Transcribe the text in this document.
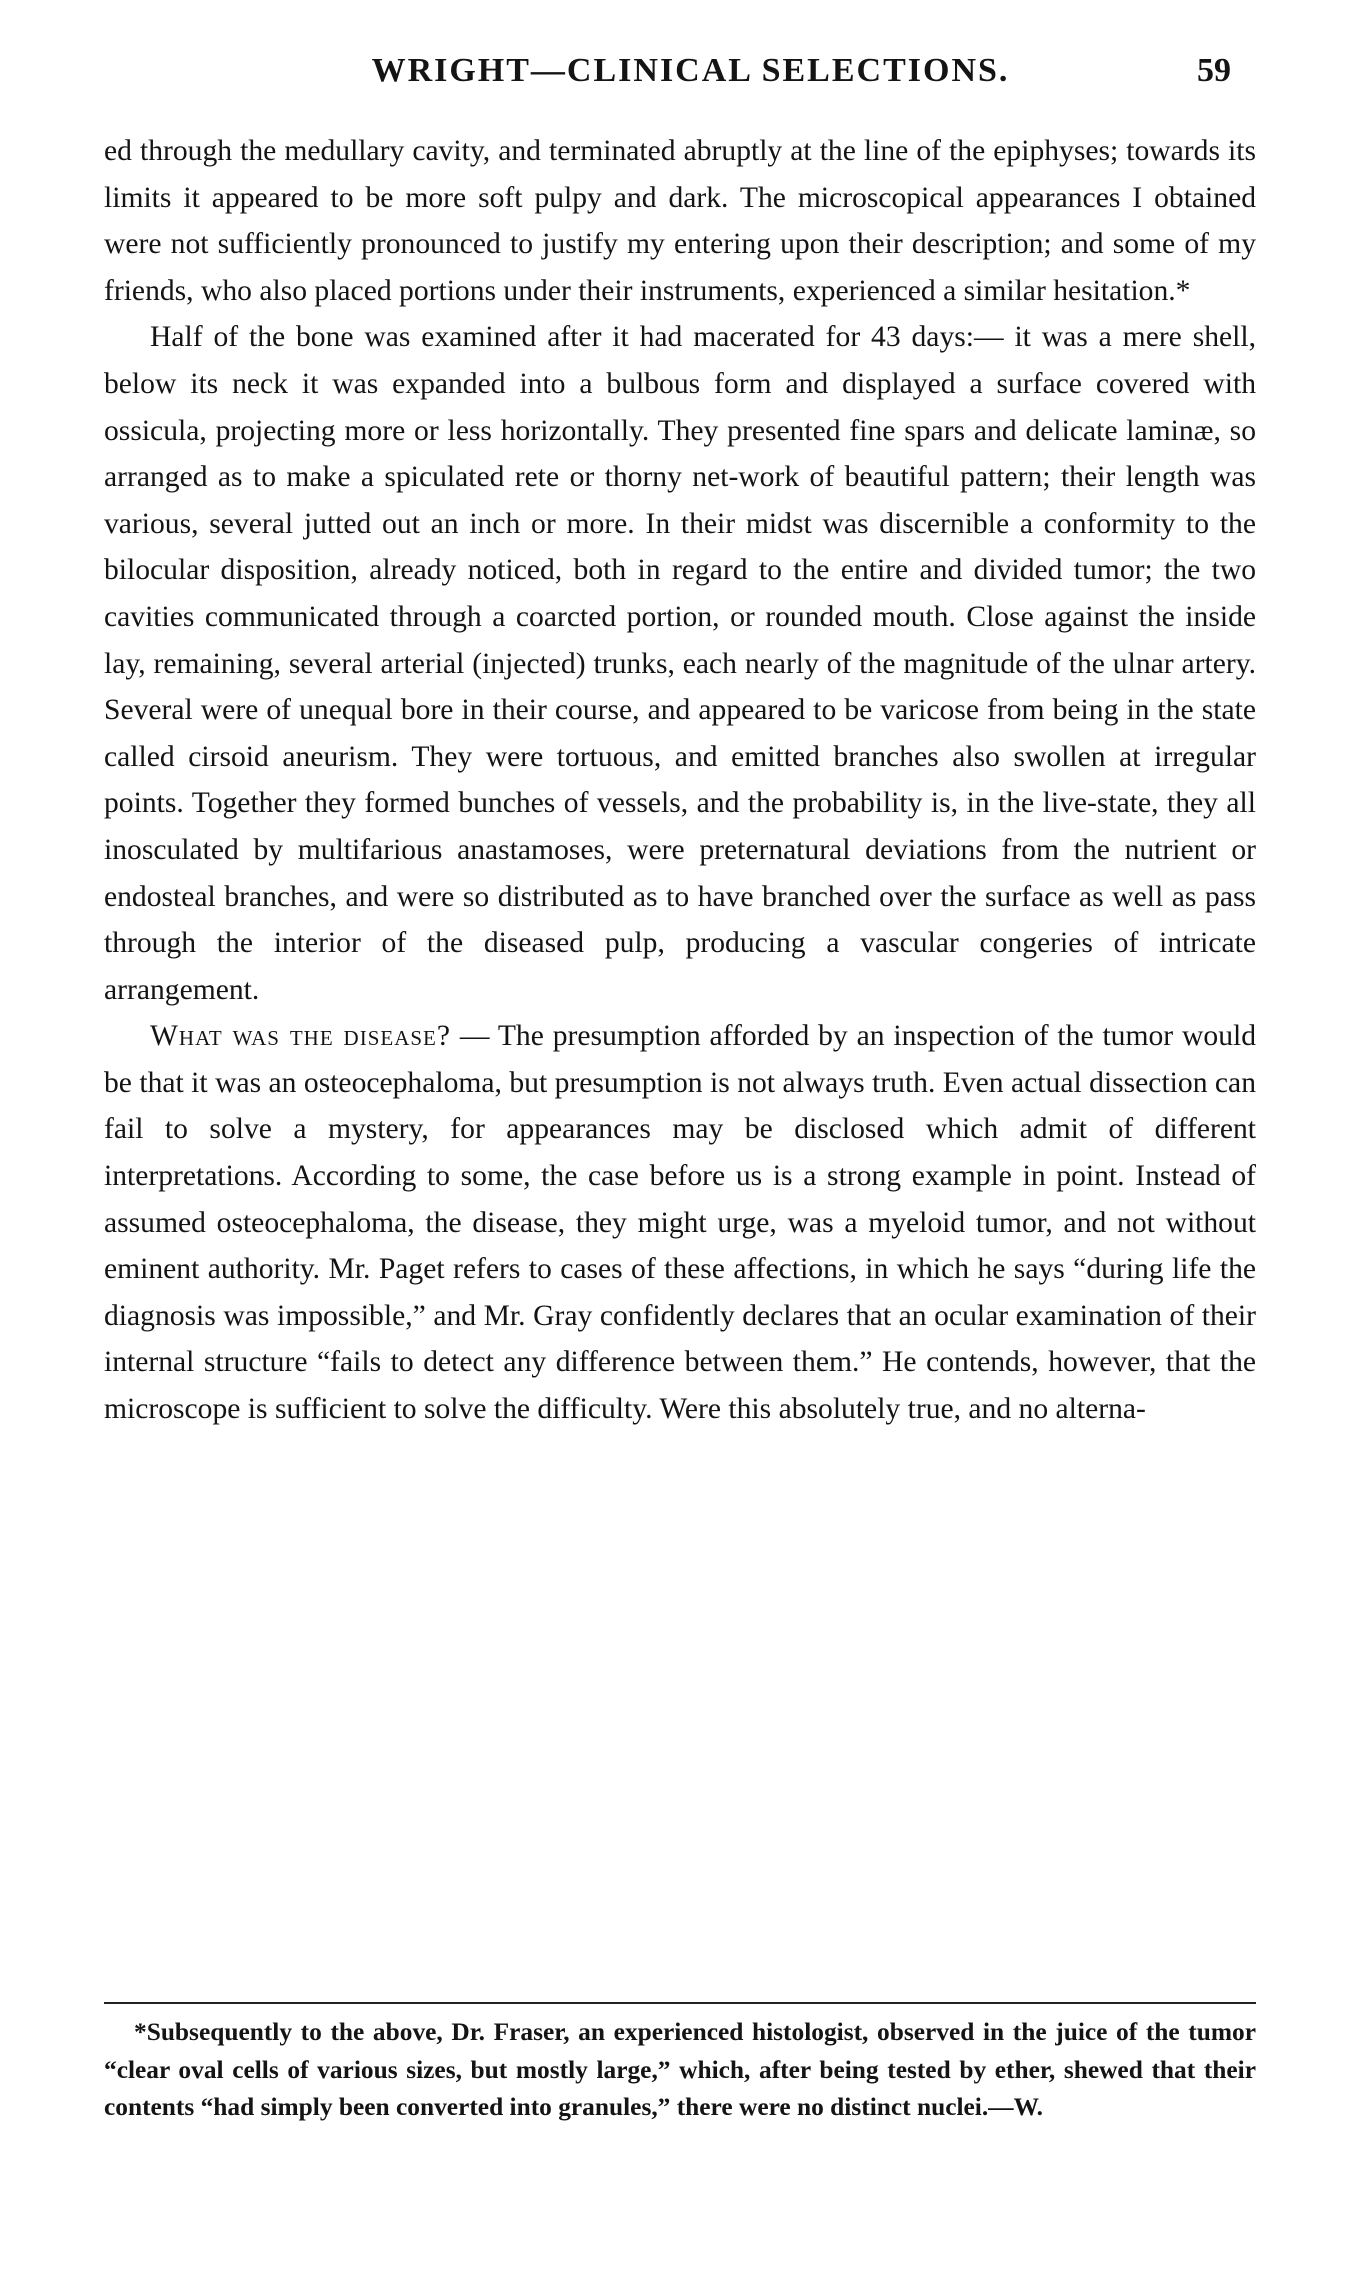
WRIGHT—CLINICAL SELECTIONS.	59

ed through the medullary cavity, and terminated abruptly at the line of the epiphyses; towards its limits it appeared to be more soft pulpy and dark. The microscopical appearances I obtained were not sufficiently pronounced to justify my entering upon their description; and some of my friends, who also placed portions under their instruments, experienced a similar hesitation.*

Half of the bone was examined after it had macerated for 43 days:— it was a mere shell, below its neck it was expanded into a bulbous form and displayed a surface covered with ossicula, projecting more or less horizontally. They presented fine spars and delicate laminæ, so arranged as to make a spiculated rete or thorny net-work of beautiful pattern; their length was various, several jutted out an inch or more. In their midst was discernible a conformity to the bilocular disposition, already noticed, both in regard to the entire and divided tumor; the two cavities communicated through a coarcted portion, or rounded mouth. Close against the inside lay, remaining, several arterial (injected) trunks, each nearly of the magnitude of the ulnar artery. Several were of unequal bore in their course, and appeared to be varicose from being in the state called cirsoid aneurism. They were tortuous, and emitted branches also swollen at irregular points. Together they formed bunches of vessels, and the probability is, in the live-state, they all inosculated by multifarious anastamoses, were preternatural deviations from the nutrient or endosteal branches, and were so distributed as to have branched over the surface as well as pass through the interior of the diseased pulp, producing a vascular congeries of intricate arrangement.

What was the disease? — The presumption afforded by an inspection of the tumor would be that it was an osteocephaloma, but presumption is not always truth. Even actual dissection can fail to solve a mystery, for appearances may be disclosed which admit of different interpretations. According to some, the case before us is a strong example in point. Instead of assumed osteocephaloma, the disease, they might urge, was a myeloid tumor, and not without eminent authority. Mr. Paget refers to cases of these affections, in which he says “during life the diagnosis was impossible,” and Mr. Gray confidently declares that an ocular examination of their internal structure “fails to detect any difference between them.” He contends, however, that the microscope is sufficient to solve the difficulty. Were this absolutely true, and no alterna-

*Subsequently to the above, Dr. Fraser, an experienced histologist, observed in the juice of the tumor “clear oval cells of various sizes, but mostly large,” which, after being tested by ether, shewed that their contents “had simply been converted into granules,” there were no distinct nuclei.—W.
